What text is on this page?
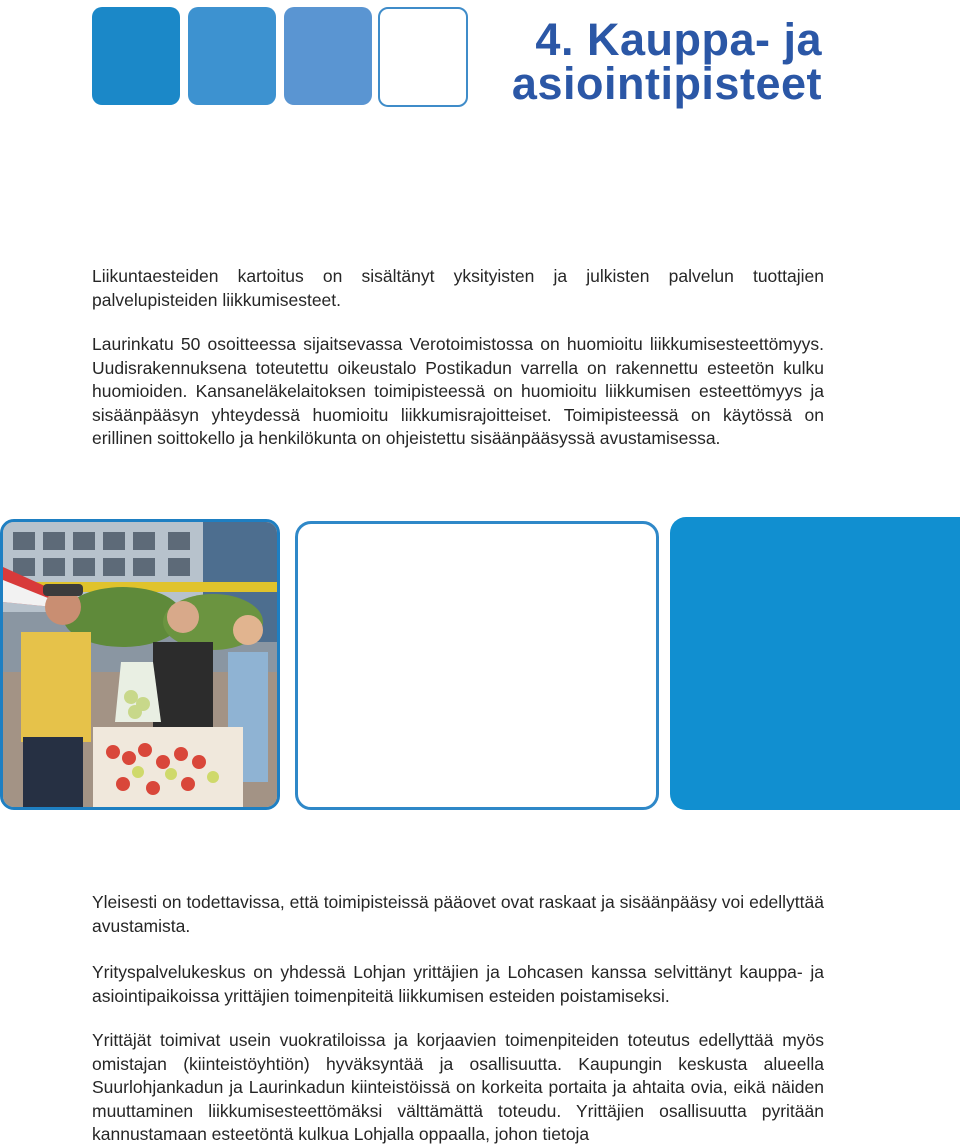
4. Kauppa- ja
asiointipisteet

Liikuntaesteiden kartoitus on sisältänyt yksityisten ja julkisten palvelun tuottajien palvelupisteiden liikkumisesteet.

Laurinkatu 50 osoitteessa sijaitsevassa Verotoimistossa on huomioitu liikkumisesteettömyys. Uudisrakennuksena toteutettu oikeustalo Postikadun varrella on rakennettu esteetön kulku huomioiden. Kansaneläkelaitoksen toimipisteessä on huomioitu liikkumisen esteettömyys ja sisäänpääsyn yhteydessä huomioitu liikkumisrajoitteiset. Toimipisteessä on käytössä on erillinen soittokello ja henkilökunta on ohjeistettu sisäänpääsyssä avustamisessa.

Yleisesti on todettavissa, että toimipisteissä pääovet ovat raskaat ja sisäänpääsy voi edellyttää avustamista.

Yrityspalvelukeskus on yhdessä Lohjan yrittäjien ja Lohcasen kanssa selvittänyt kauppa- ja asiointipaikoissa yrittäjien toimenpiteitä liikkumisen esteiden poistamiseksi.

Yrittäjät toimivat usein vuokratiloissa ja korjaavien toimenpiteiden toteutus edellyttää myös omistajan (kiinteistöyhtiön) hyväksyntää ja osallisuutta. Kaupungin keskusta alueella Suurlohjankadun ja Laurinkadun kiinteistöissä on korkeita portaita ja ahtaita ovia, eikä näiden muuttaminen liikkumisesteettömäksi välttämättä toteudu. Yrittäjien osallisuutta pyritään kannustamaan esteetöntä kulkua Lohjalla oppaalla, johon tietoja
